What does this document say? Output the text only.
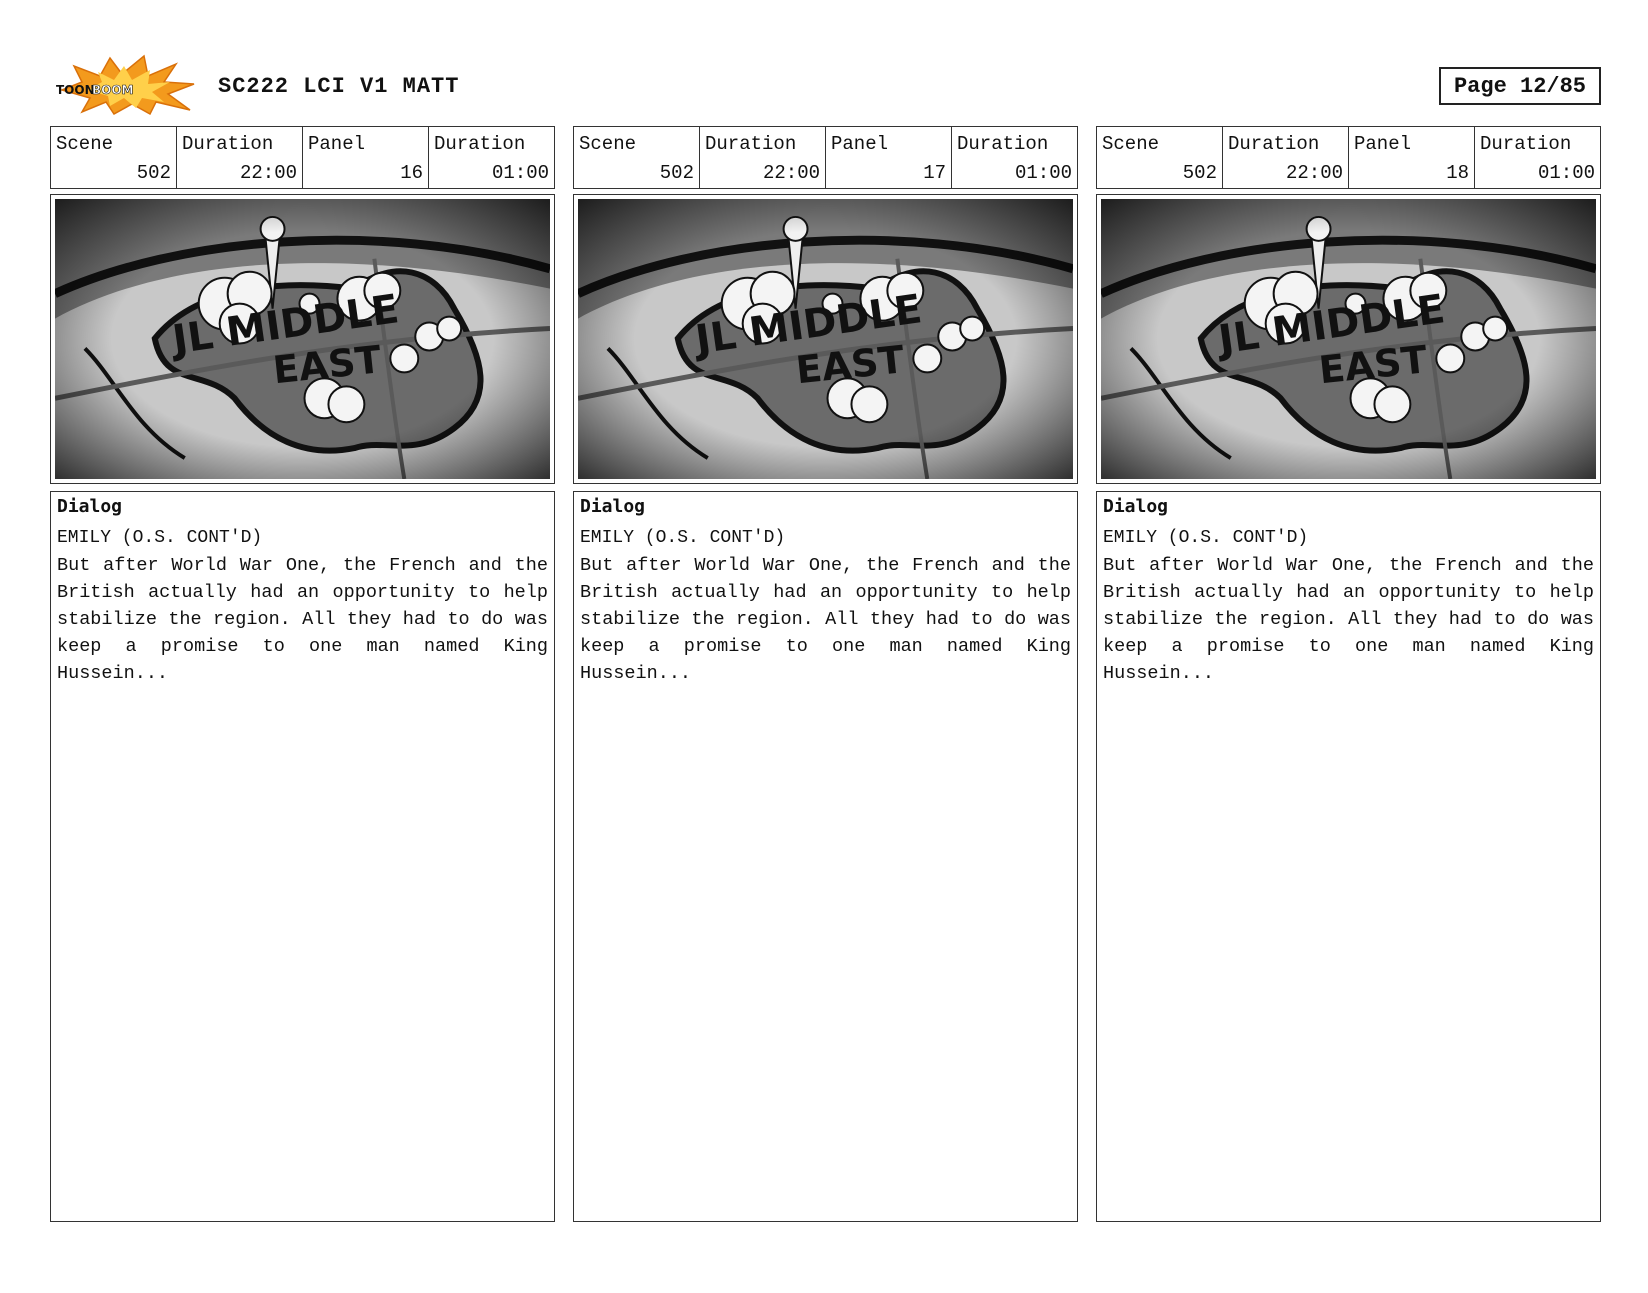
TOON
BOOM	SC222 LCI V1 MATT	Page 12/85
Scene
502
Duration
22:00
Panel
16
Duration
01:00
Dialog
EMILY (O.S. CONT'D)
But after World War One, the French and the British actually had an opportunity to help stabilize the region. All they had to do was keep a promise to one man named King Hussein...
Scene
502
Duration
22:00
Panel
17
Duration
01:00
Dialog
EMILY (O.S. CONT'D)
But after World War One, the French and the British actually had an opportunity to help stabilize the region. All they had to do was keep a promise to one man named King Hussein...
Scene
502
Duration
22:00
Panel
18
Duration
01:00
Dialog
EMILY (O.S. CONT'D)
But after World War One, the French and the British actually had an opportunity to help stabilize the region. All they had to do was keep a promise to one man named King Hussein...
